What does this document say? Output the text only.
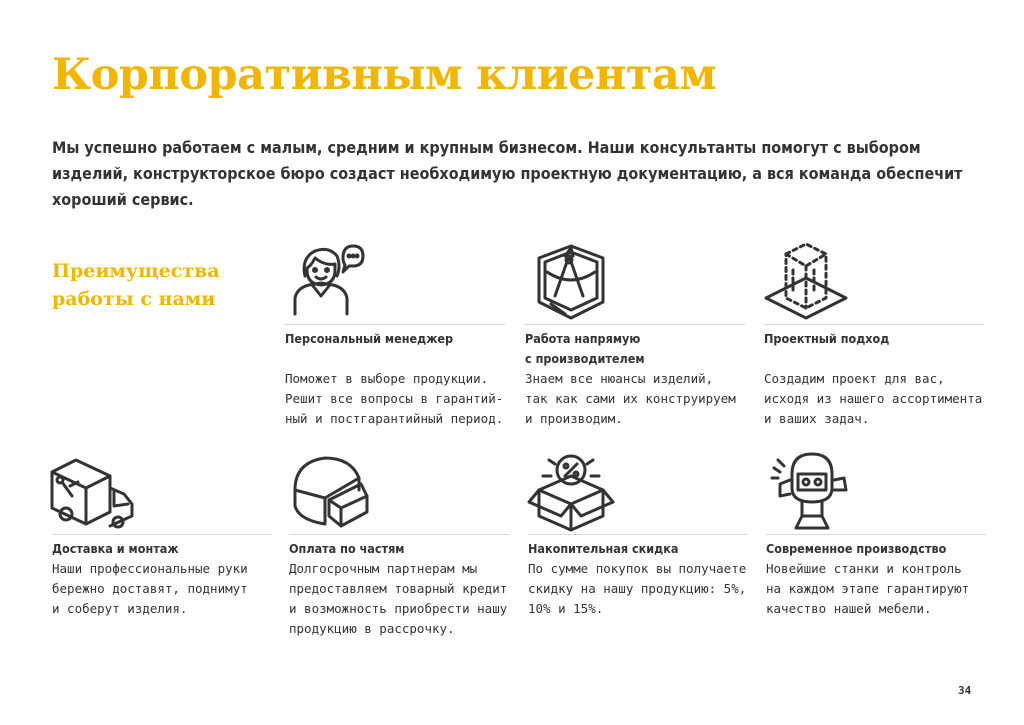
Корпоративным клиентам

Мы успешно работаем с малым, средним и крупным бизнесом. Наши консультанты помогут с выбором изделий, конструкторское бюро создаст необходимую проектную документацию, а вся команда обеспечит хороший сервис.

Преимущества работы с нами
Персональный менеджер
Поможет в выборе продукции.
Решит все вопросы в гарантий-
ный и постгарантийный период.
Работа напрямую
с производителем
Знаем все нюансы изделий,
так как сами их конструируем
и производим.
Проектный подход
Создадим проект для вас,
исходя из нашего ассортимента
и ваших задач.
Доставка и монтаж
Наши профессиональные руки
бережно доставят, поднимут
и соберут изделия.
Оплата по частям
Долгосрочным партнерам мы
предоставляем товарный кредит
и возможность приобрести нашу
продукцию в рассрочку.
Накопительная скидка
По сумме покупок вы получаете
скидку на нашу продукцию: 5%,
10% и 15%.
Современное производство
Новейшие станки и контроль
на каждом этапе гарантируют
качество нашей мебели.
34
